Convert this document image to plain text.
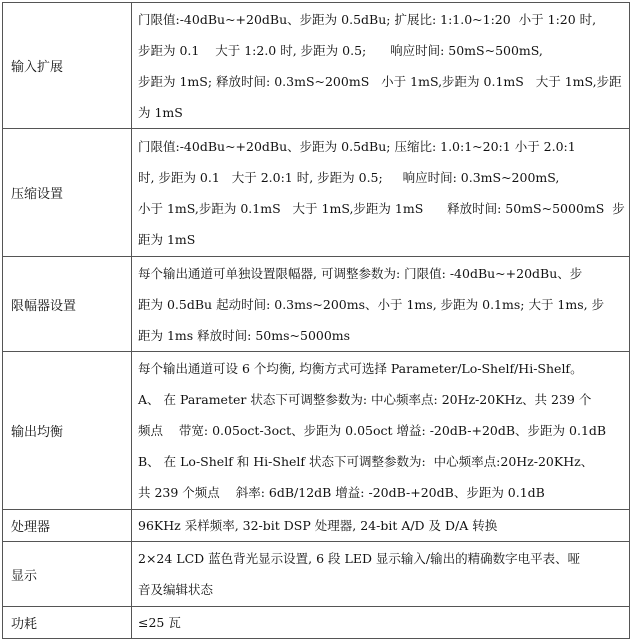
输入扩展	门限值:-40dBu~+20dBu、步距为 0.5dBu; 扩展比: 1:1.0~1:20  小于 1:20 时,
步距为 0.1    大于 1:2.0 时, 步距为 0.5;      响应时间: 50mS~500mS,
步距为 1mS; 释放时间: 0.3mS~200mS   小于 1mS,步距为 0.1mS   大于 1mS,步距
为 1mS

压缩设置	门限值:-40dBu~+20dBu、步距为 0.5dBu; 压缩比: 1.0:1~20:1 小于 2.0:1
时, 步距为 0.1   大于 2.0:1 时, 步距为 0.5;     响应时间: 0.3mS~200mS,
小于 1mS,步距为 0.1mS   大于 1mS,步距为 1mS      释放时间: 50mS~5000mS  步
距为 1mS

限幅器设置	每个输出通道可单独设置限幅器, 可调整参数为: 门限值: -40dBu~+20dBu、步
距为 0.5dBu 起动时间: 0.3ms~200ms、小于 1ms, 步距为 0.1ms; 大于 1ms, 步
距为 1ms 释放时间: 50ms~5000ms

输出均衡	每个输出通道可设 6 个均衡, 均衡方式可选择 Parameter/Lo-Shelf/Hi-Shelf。
A、 在 Parameter 状态下可调整参数为: 中心频率点: 20Hz-20KHz、共 239 个
频点    带宽: 0.05oct-3oct、步距为 0.05oct 增益: -20dB-+20dB、步距为 0.1dB
B、 在 Lo-Shelf 和 Hi-Shelf 状态下可调整参数为:  中心频率点:20Hz-20KHz、
共 239 个频点    斜率: 6dB/12dB 增益: -20dB-+20dB、步距为 0.1dB

处理器	96KHz 采样频率, 32-bit DSP 处理器, 24-bit A/D 及 D/A 转换

显示	2×24 LCD 蓝色背光显示设置, 6 段 LED 显示输入/输出的精确数字电平表、哑
音及编辑状态

功耗	≤25 瓦
